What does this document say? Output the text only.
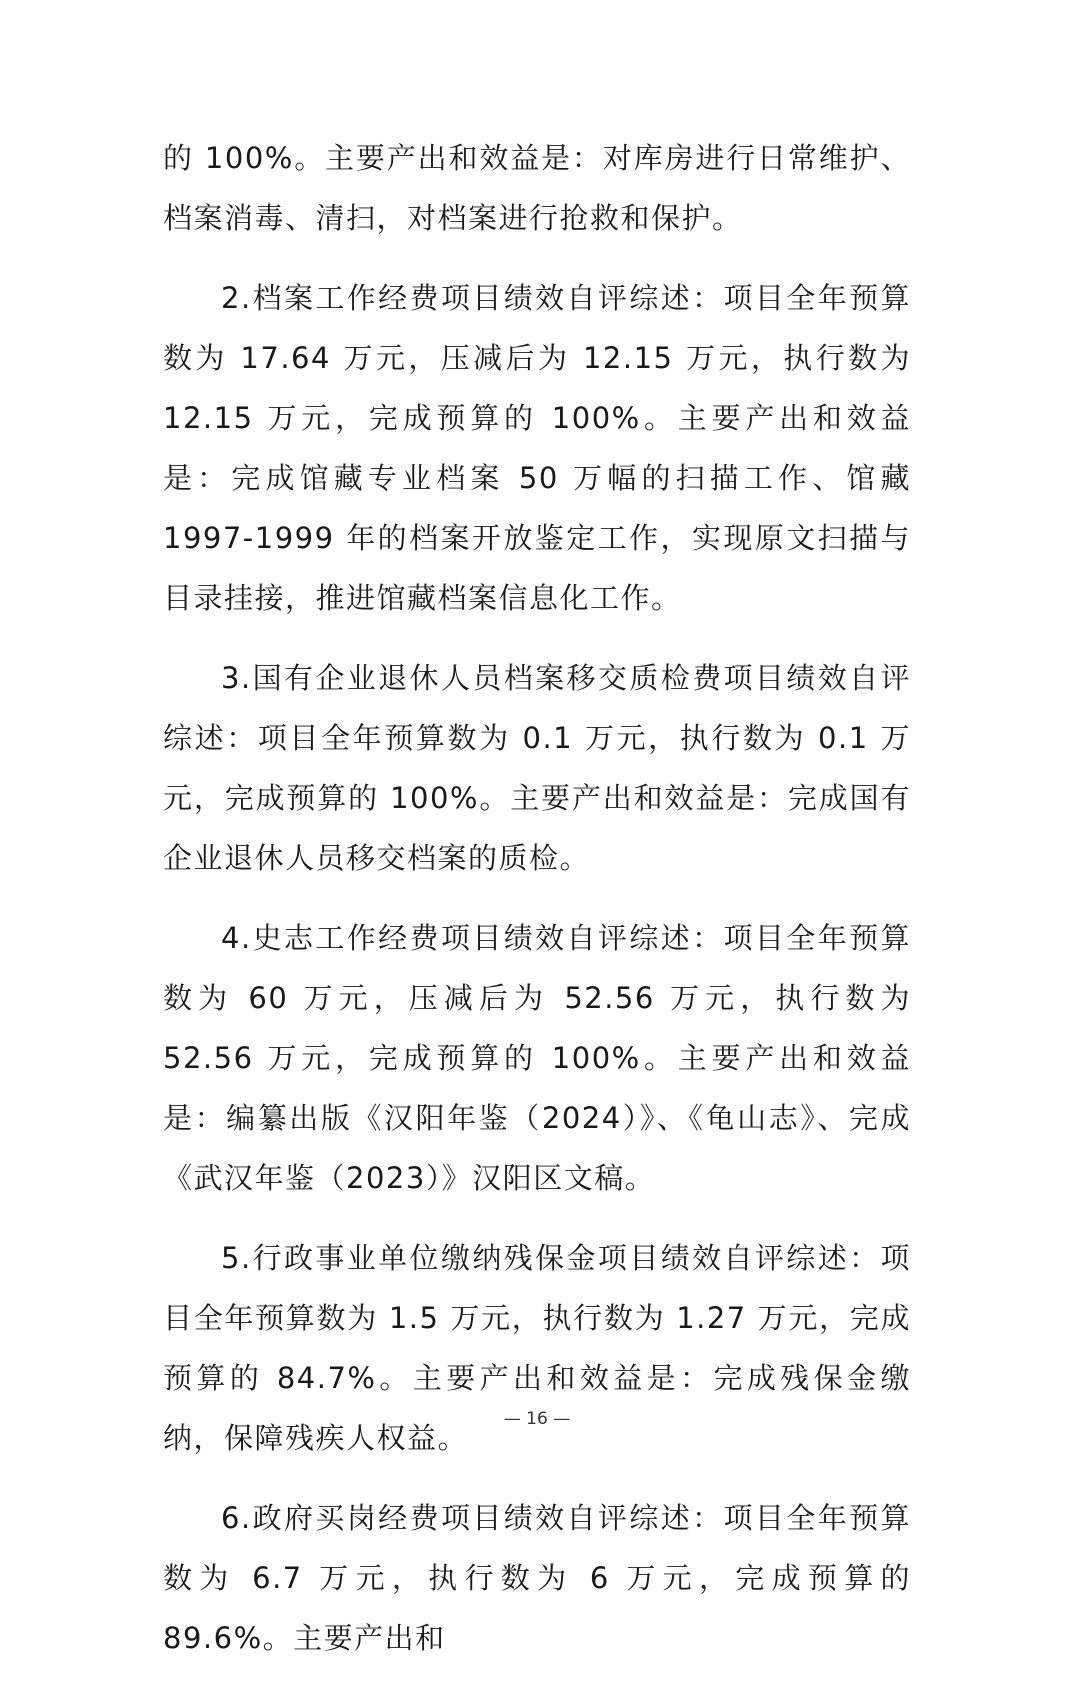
的 100%。主要产出和效益是：对库房进行日常维护、档案消毒、清扫，对档案进行抢救和保护。

2.档案工作经费项目绩效自评综述：项目全年预算数为 17.64 万元，压减后为 12.15 万元，执行数为 12.15 万元，完成预算的 100%。主要产出和效益是：完成馆藏专业档案 50 万幅的扫描工作、馆藏 1997-1999 年的档案开放鉴定工作，实现原文扫描与目录挂接，推进馆藏档案信息化工作。

3.国有企业退休人员档案移交质检费项目绩效自评综述：项目全年预算数为 0.1 万元，执行数为 0.1 万元，完成预算的 100%。主要产出和效益是：完成国有企业退休人员移交档案的质检。

4.史志工作经费项目绩效自评综述：项目全年预算数为 60 万元，压减后为 52.56 万元，执行数为 52.56 万元，完成预算的 100%。主要产出和效益是：编纂出版《汉阳年鉴（2024）》、《龟山志》、完成《武汉年鉴（2023）》汉阳区文稿。

5.行政事业单位缴纳残保金项目绩效自评综述：项目全年预算数为 1.5 万元，执行数为 1.27 万元，完成预算的 84.7%。主要产出和效益是：完成残保金缴纳，保障残疾人权益。

6.政府买岗经费项目绩效自评综述：项目全年预算数为 6.7 万元，执行数为 6 万元，完成预算的 89.6%。主要产出和

— 16 —
